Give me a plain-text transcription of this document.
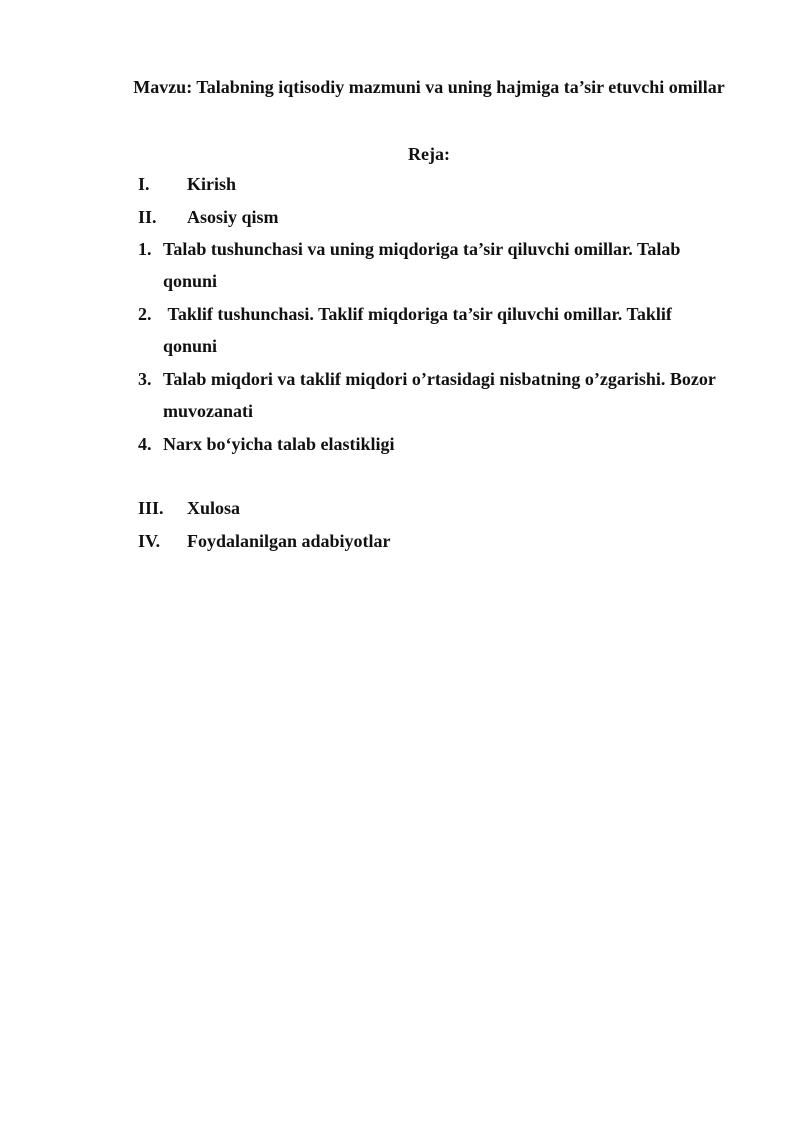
Mavzu: Talabning iqtisodiy mazmuni va uning hajmiga ta’sir etuvchi omillar
Reja:
I. Kirish
II. Asosiy qism
1. Talab tushunchasi va uning miqdoriga ta’sir qiluvchi omillar. Talab qonuni
2. Taklif tushunchasi. Taklif miqdoriga ta’sir qiluvchi omillar. Taklif qonuni
3. Talab miqdori va taklif miqdori o’rtasidagi nisbatning o’zgarishi. Bozor muvozanati
4. Narx bo‘yicha talab elastikligi
III. Xulosa
IV. Foydalanilgan adabiyotlar
